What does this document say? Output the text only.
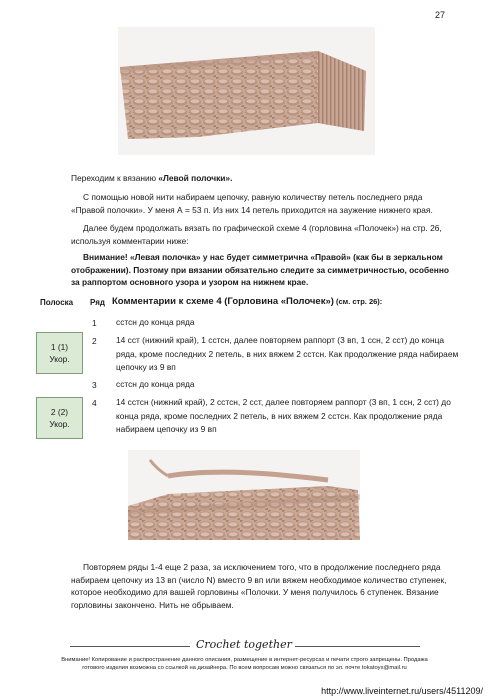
27
Переходим к вязанию «Левой полочки».
С помощью новой нити набираем цепочку, равную количеству петель последнего ряда «Правой полочки». У меня А = 53 п. Из них 14 петель приходится на заужение нижнего края.
Далее будем продолжать вязать по графической схеме 4 (горловина «Полочек») на стр. 26, используя комментарии ниже:
Внимание! «Левая полочка» у нас будет симметрична «Правой» (как бы в зеркальном отображении). Поэтому при вязании обязательно следите за симметричностью, особенно за раппортом основного узора и узором на нижнем крае.
Полоска Ряд Комментарии к схеме 4 (Горловина «Полочек») (см. стр. 26):
1 (1)
Укор.
2 (2)
Укор.
1 сстсн до конца ряда
2 14 сст (нижний край), 1 сстсн, далее повторяем раппорт (3 вп, 1 ссн, 2 сст) до конца ряда, кроме последних 2 петель, в них вяжем 2 сстсн. Как продолжение ряда набираем цепочку из 9 вп
3 сстсн до конца ряда
4 14 сстсн (нижний край), 2 сстсн, 2 сст, далее повторяем раппорт (3 вп, 1 ссн, 2 сст) до конца ряда, кроме последних 2 петель, в них вяжем 2 сстсн. Как продолжение ряда набираем цепочку из 9 вп
Повторяем ряды 1-4 еще 2 раза, за исключением того, что в продолжение последнего ряда набираем цепочку из 13 вп (число N) вместо 9 вп или вяжем необходимое количество ступенек, которое необходимо для вашей горловины «Полочки. У меня получилось 6 ступенек. Вязание горловины закончено. Нить не обрываем.
Crochet together
Внимание! Копирование и распространение данного описания, размещение в интернет-ресурсах и печати строго запрещены. Продажа
готового изделия возможна со ссылкой на дизайнера. По всем вопросам можно связаться по эл. почте tokatoys@mail.ru
http://www.liveinternet.ru/users/4511209/
